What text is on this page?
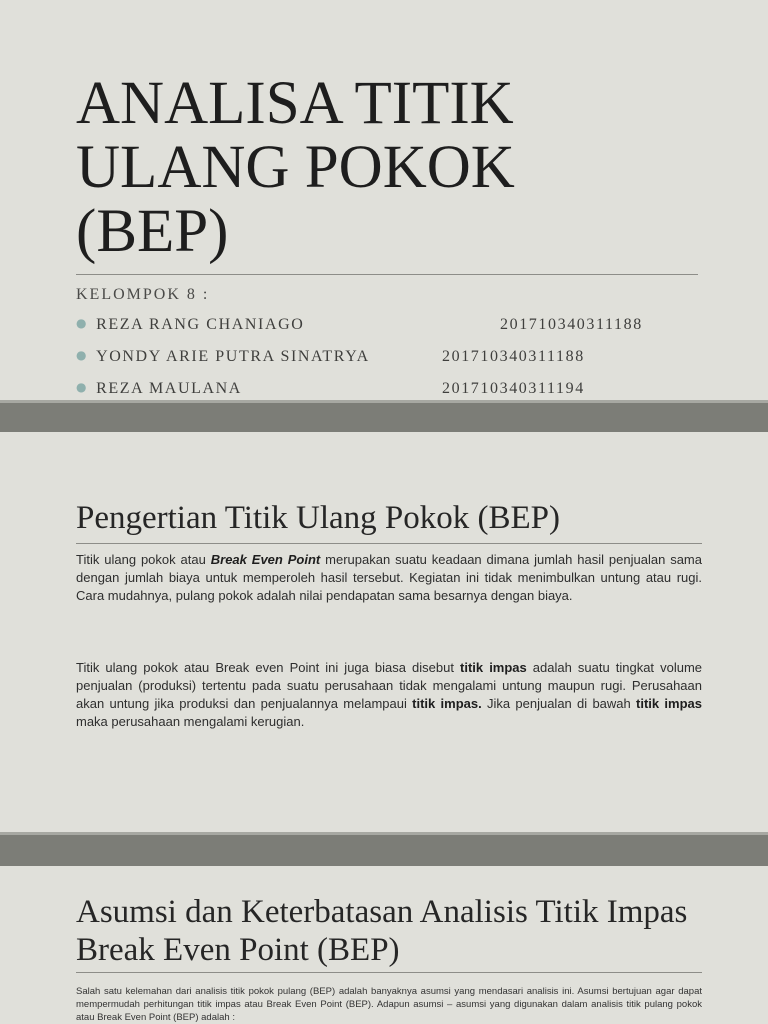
ANALISA TITIK
ULANG POKOK
(BEP)
KELOMPOK 8 :
● REZA RANG CHANIAGO	201710340311188
● YONDY ARIE PUTRA SINATRYA	201710340311188
● REZA MAULANA	201710340311194
Pengertian Titik Ulang Pokok (BEP)

Titik ulang pokok atau Break Even Point merupakan suatu keadaan dimana jumlah hasil penjualan sama dengan jumlah biaya untuk memperoleh hasil tersebut. Kegiatan ini tidak menimbulkan untung atau rugi. Cara mudahnya, pulang pokok adalah nilai pendapatan sama besarnya dengan biaya.

Titik ulang pokok atau Break even Point ini juga biasa disebut titik impas adalah suatu tingkat volume penjualan (produksi) tertentu pada suatu perusahaan tidak mengalami untung maupun rugi. Perusahaan akan untung jika produksi dan penjualannya melampaui titik impas. Jika penjualan di bawah titik impas maka perusahaan mengalami kerugian.

Asumsi dan Keterbatasan Analisis Titik Impas Break Even Point (BEP)

Salah satu kelemahan dari analisis titik pokok pulang (BEP) adalah banyaknya asumsi yang mendasari analisis ini. Asumsi bertujuan agar dapat mempermudah perhitungan titik impas atau Break Even Point (BEP). Adapun asumsi – asumsi yang digunakan dalam analisis titik pulang pokok atau Break Even Point (BEP) adalah :
